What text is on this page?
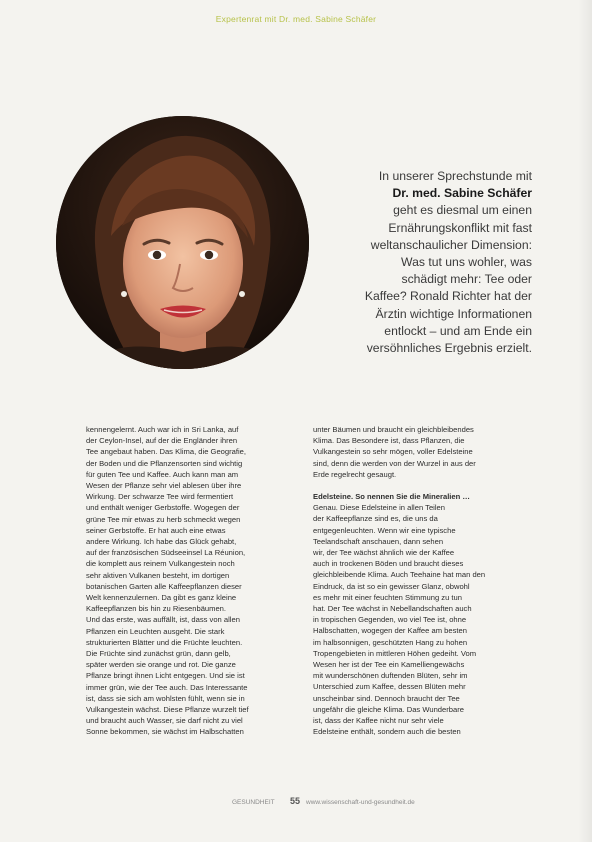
Expertenrat mit Dr. med. Sabine Schäfer
In unserer Sprechstunde mit
Dr. med. Sabine Schäfer
geht es diesmal um einen
Ernährungskonflikt mit fast
weltanschaulicher Dimension:
Was tut uns wohler, was
schädigt mehr: Tee oder
Kaffee? Ronald Richter hat der
Ärztin wichtige Informationen
entlockt – und am Ende ein
versöhnliches Ergebnis erzielt.
kennengelernt. Auch war ich in Sri Lanka, auf
der Ceylon-Insel, auf der die Engländer ihren
Tee angebaut haben. Das Klima, die Geografie,
der Boden und die Pflanzensorten sind wichtig
für guten Tee und Kaffee. Auch kann man am
Wesen der Pflanze sehr viel ablesen über ihre
Wirkung. Der schwarze Tee wird fermentiert
und enthält weniger Gerbstoffe. Wogegen der
grüne Tee mir etwas zu herb schmeckt wegen
seiner Gerbstoffe. Er hat auch eine etwas
andere Wirkung. Ich habe das Glück gehabt,
auf der französischen Südseeinsel La Réunion,
die komplett aus reinem Vulkangestein noch
sehr aktiven Vulkanen besteht, im dortigen
botanischen Garten alle Kaffeepflanzen dieser
Welt kennenzulernen. Da gibt es ganz kleine
Kaffeepflanzen bis hin zu Riesenbäumen.
Und das erste, was auffällt, ist, dass von allen
Pflanzen ein Leuchten ausgeht. Die stark
strukturierten Blätter und die Früchte leuchten.
Die Früchte sind zunächst grün, dann gelb,
später werden sie orange und rot. Die ganze
Pflanze bringt ihnen Licht entgegen. Und sie ist
immer grün, wie der Tee auch. Das Interessante
ist, dass sie sich am wohlsten fühlt, wenn sie in
Vulkangestein wächst. Diese Pflanze wurzelt tief
und braucht auch Wasser, sie darf nicht zu viel
Sonne bekommen, sie wächst im Halbschatten
unter Bäumen und braucht ein gleichbleibendes
Klima. Das Besondere ist, dass Pflanzen, die
Vulkangestein so sehr mögen, voller Edelsteine
sind, denn die werden von der Wurzel in aus der
Erde regelrecht gesaugt.
Edelsteine. So nennen Sie die Mineralien …
Genau. Diese Edelsteine in allen Teilen
der Kaffeepflanze sind es, die uns da
entgegenleuchten. Wenn wir eine typische
Teelandschaft anschauen, dann sehen
wir, der Tee wächst ähnlich wie der Kaffee
auch in trockenen Böden und braucht dieses
gleichbleibende Klima. Auch Teehaine hat man den
Eindruck, da ist so ein gewisser Glanz, obwohl
es mehr mit einer feuchten Stimmung zu tun
hat. Der Tee wächst in Nebellandschaften auch
in tropischen Gegenden, wo viel Tee ist, ohne
Halbschatten, wogegen der Kaffee am besten
im halbsonnigen, geschützten Hang zu hohen
Tropengebieten in mittleren Höhen gedeiht. Vom
Wesen her ist der Tee ein Kamelliengewächs
mit wunderschönen duftenden Blüten, sehr im
Unterschied zum Kaffee, dessen Blüten mehr
unscheinbar sind. Dennoch braucht der Tee
ungefähr die gleiche Klima. Das Wunderbare
ist, dass der Kaffee nicht nur sehr viele
Edelsteine enthält, sondern auch die besten
GESUNDHEIT 55 www.wissenschaft-und-gesundheit.de
